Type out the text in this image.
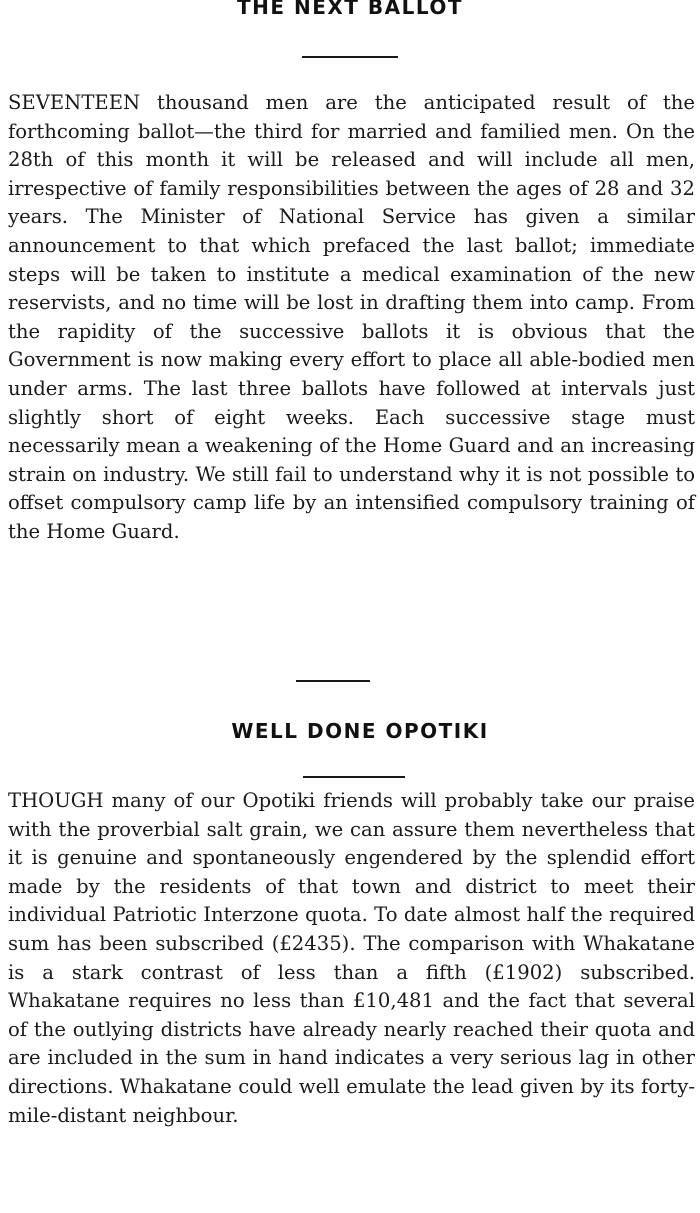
THE NEXT BALLOT

SEVENTEEN thousand men are the anticipated result of the forthcoming ballot—the third for married and familied men. On the 28th of this month it will be released and will include all men, irrespective of family responsibilities between the ages of 28 and 32 years. The Minister of National Service has given a similar announcement to that which prefaced the last ballot; immediate steps will be taken to institute a medical examination of the new reservists, and no time will be lost in drafting them into camp. From the rapidity of the successive ballots it is obvious that the Government is now making every effort to place all able-bodied men under arms. The last three ballots have followed at intervals just slightly short of eight weeks. Each successive stage must necessarily mean a weakening of the Home Guard and an increasing strain on industry. We still fail to understand why it is not possible to offset compulsory camp life by an intensified compulsory training of the Home Guard.

WELL DONE OPOTIKI

THOUGH many of our Opotiki friends will probably take our praise with the proverbial salt grain, we can assure them nevertheless that it is genuine and spontaneously engendered by the splendid effort made by the residents of that town and district to meet their individual Patriotic Interzone quota. To date almost half the required sum has been subscribed (£2435). The comparison with Whakatane is a stark contrast of less than a fifth (£1902) subscribed. Whakatane requires no less than £10,481 and the fact that several of the outlying districts have already nearly reached their quota and are included in the sum in hand indicates a very serious lag in other directions. Whakatane could well emulate the lead given by its forty-mile-distant neighbour.
